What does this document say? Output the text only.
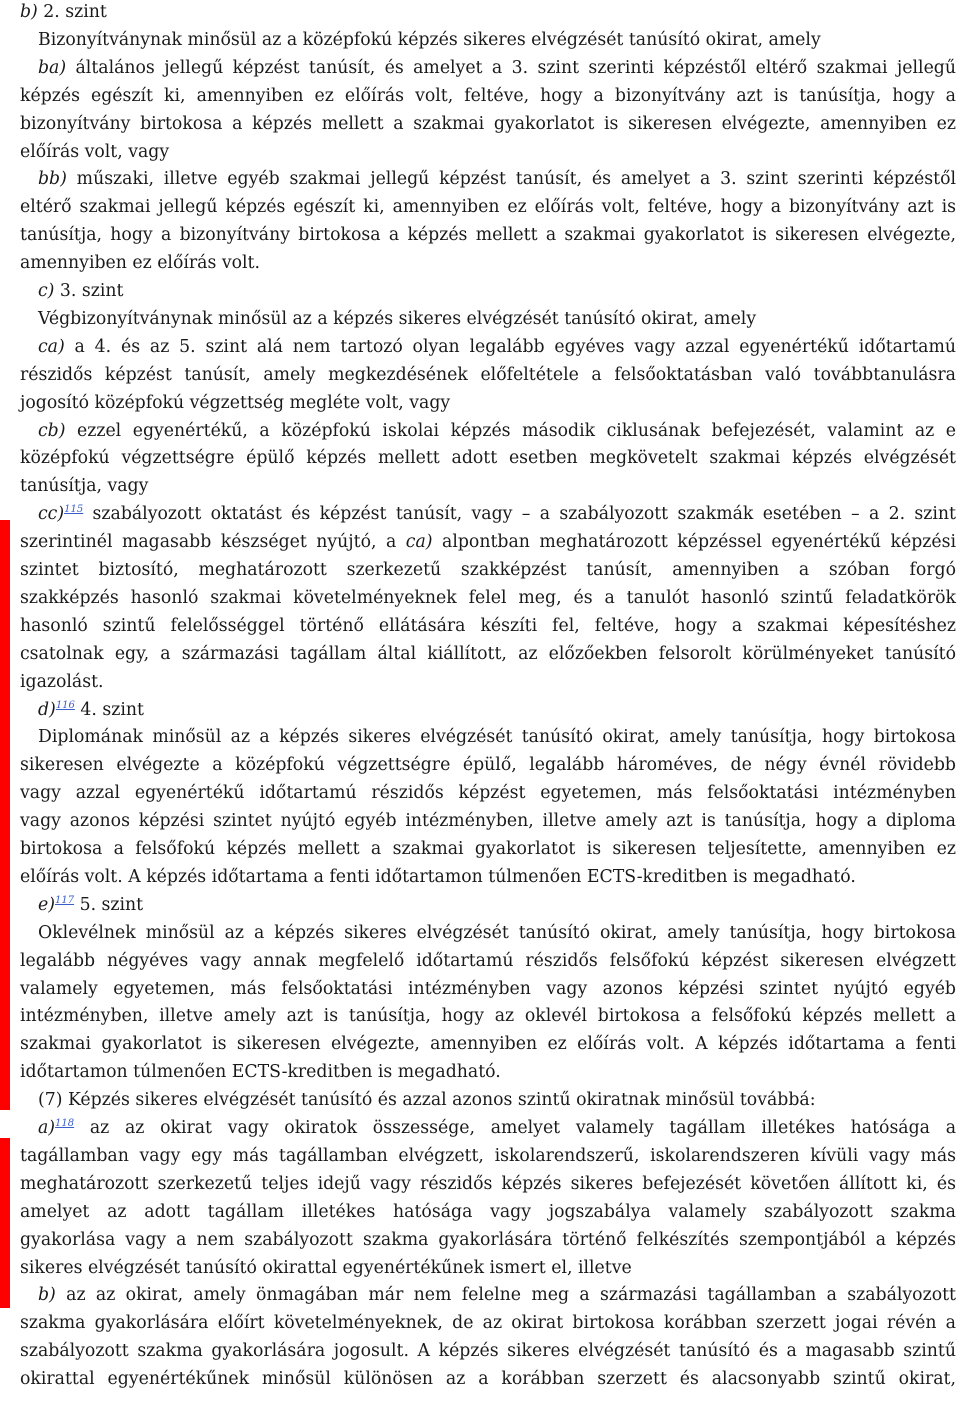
b) 2. szint
Bizonyítványnak minősül az a középfokú képzés sikeres elvégzését tanúsító okirat, amely
ba) általános jellegű képzést tanúsít, és amelyet a 3. szint szerinti képzéstől eltérő szakmai jellegű
képzés egészít ki, amennyiben ez előírás volt, feltéve, hogy a bizonyítvány azt is tanúsítja, hogy a
bizonyítvány birtokosa a képzés mellett a szakmai gyakorlatot is sikeresen elvégezte, amennyiben ez
előírás volt, vagy
bb) műszaki, illetve egyéb szakmai jellegű képzést tanúsít, és amelyet a 3. szint szerinti képzéstől
eltérő szakmai jellegű képzés egészít ki, amennyiben ez előírás volt, feltéve, hogy a bizonyítvány azt is
tanúsítja, hogy a bizonyítvány birtokosa a képzés mellett a szakmai gyakorlatot is sikeresen elvégezte,
amennyiben ez előírás volt.
c) 3. szint
Végbizonyítványnak minősül az a képzés sikeres elvégzését tanúsító okirat, amely
ca) a 4. és az 5. szint alá nem tartozó olyan legalább egyéves vagy azzal egyenértékű időtartamú
részidős képzést tanúsít, amely megkezdésének előfeltétele a felsőoktatásban való továbbtanulásra
jogosító középfokú végzettség megléte volt, vagy
cb) ezzel egyenértékű, a középfokú iskolai képzés második ciklusának befejezését, valamint az e
középfokú végzettségre épülő képzés mellett adott esetben megkövetelt szakmai képzés elvégzését
tanúsítja, vagy
cc)$^{115}$ szabályozott oktatást és képzést tanúsít, vagy – a szabályozott szakmák esetében – a 2. szint
szerintinél magasabb készséget nyújtó, a ca) alpontban meghatározott képzéssel egyenértékű képzési
szintet biztosító, meghatározott szerkezetű szakképzést tanúsít, amennyiben a szóban forgó
szakképzés hasonló szakmai követelményeknek felel meg, és a tanulót hasonló szintű feladatkörök
hasonló szintű felelősséggel történő ellátására készíti fel, feltéve, hogy a szakmai képesítéshez
csatolnak egy, a származási tagállam által kiállított, az előzőekben felsorolt körülményeket tanúsító
igazolást.
d)$^{116}$ 4. szint
Diplomának minősül az a képzés sikeres elvégzését tanúsító okirat, amely tanúsítja, hogy birtokosa
sikeresen elvégezte a középfokú végzettségre épülő, legalább hároméves, de négy évnél rövidebb
vagy azzal egyenértékű időtartamú részidős képzést egyetemen, más felsőoktatási intézményben
vagy azonos képzési szintet nyújtó egyéb intézményben, illetve amely azt is tanúsítja, hogy a diploma
birtokosa a felsőfokú képzés mellett a szakmai gyakorlatot is sikeresen teljesítette, amennyiben ez
előírás volt. A képzés időtartama a fenti időtartamon túlmenően ECTS-kreditben is megadható.
e)$^{117}$ 5. szint
Oklevélnek minősül az a képzés sikeres elvégzését tanúsító okirat, amely tanúsítja, hogy birtokosa
legalább négyéves vagy annak megfelelő időtartamú részidős felsőfokú képzést sikeresen elvégzett
valamely egyetemen, más felsőoktatási intézményben vagy azonos képzési szintet nyújtó egyéb
intézményben, illetve amely azt is tanúsítja, hogy az oklevél birtokosa a felsőfokú képzés mellett a
szakmai gyakorlatot is sikeresen elvégezte, amennyiben ez előírás volt. A képzés időtartama a fenti
időtartamon túlmenően ECTS-kreditben is megadható.
(7) Képzés sikeres elvégzését tanúsító és azzal azonos szintű okiratnak minősül továbbá:
a)$^{118}$ az az okirat vagy okiratok összessége, amelyet valamely tagállam illetékes hatósága a
tagállamban vagy egy más tagállamban elvégzett, iskolarendszerű, iskolarendszeren kívüli vagy más
meghatározott szerkezetű teljes idejű vagy részidős képzés sikeres befejezését követően állított ki, és
amelyet az adott tagállam illetékes hatósága vagy jogszabálya valamely szabályozott szakma
gyakorlása vagy a nem szabályozott szakma gyakorlására történő felkészítés szempontjából a képzés
sikeres elvégzését tanúsító okirattal egyenértékűnek ismert el, illetve
b) az az okirat, amely önmagában már nem felelne meg a származási tagállamban a szabályozott
szakma gyakorlására előírt követelményeknek, de az okirat birtokosa korábban szerzett jogai révén a
szabályozott szakma gyakorlására jogosult. A képzés sikeres elvégzését tanúsító és a magasabb szintű
okirattal egyenértékűnek minősül különösen az a korábban szerzett és alacsonyabb szintű okirat,
